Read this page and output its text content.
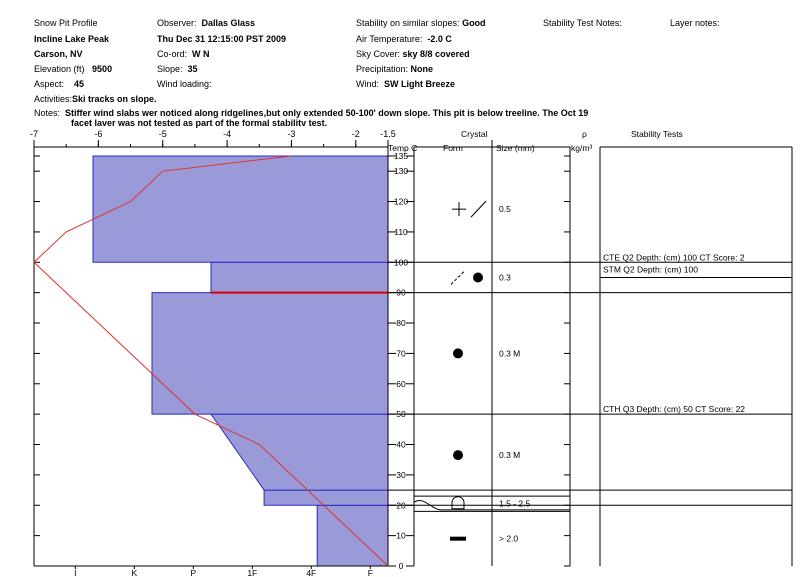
Snow Pit Profile
Incline Lake Peak
Carson, NV
Elevation (ft) 9500
Aspect: 45
Activities:Ski tracks on slope.
Observer: Dallas Glass
Thu Dec 31 12:15:00 PST 2009
Co-ord: W N
Slope: 35
Wind loading:
Stability on similar slopes: Good
Air Temperature: -2.0 C
Sky Cover: sky 8/8 covered
Precipitation: None
Wind: SW Light Breeze
Stability Test Notes:	Layer notes:
Notes: Stiffer wind slabs wer noticed along ridgelines,but only extended 50-100' down slope. This pit is below treeline. The Oct 19
facet laver was not tested as part of the formal stabilitv test.
Temp C
Crystal
Form	Size (mm)
ρ
kg/m³
Stability Tests
-7	-6	-5	-4	-3	-2 -1.5
I	K	P	1F	4F	F
0
10
20
30
40
50
60
70
80
90
100
110
120
130
135
0.5
0.3
0.3 M
0.3 M
1.5 - 2.5
> 2.0
CTE Q2 Depth: (cm) 100 CT Score: 2
STM Q2 Depth: (cm) 100
CTH Q3 Depth: (cm) 50 CT Score: 22
